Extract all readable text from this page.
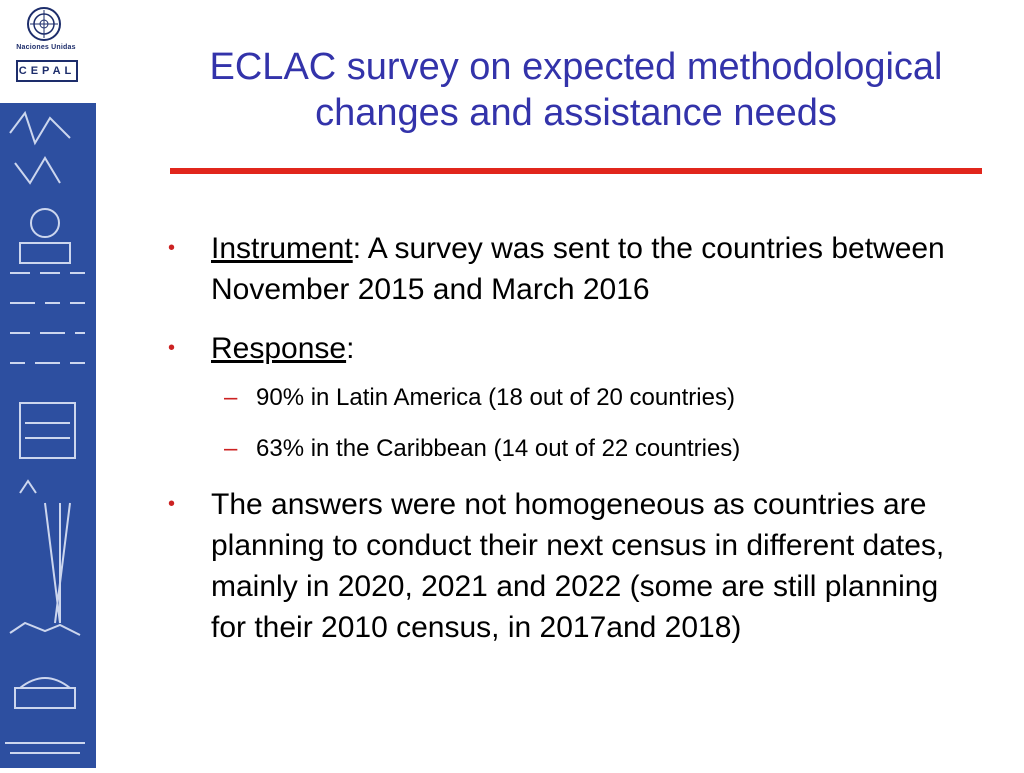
Naciones Unidas
CEPAL	ECLAC survey on expected methodological changes and assistance needs
• Instrument: A survey was sent to the countries between November 2015 and March 2016
• Response:
– 90% in Latin America (18 out of 20 countries)
– 63% in the Caribbean (14 out of 22 countries)
• The answers were not homogeneous as countries are planning to conduct their next census in different dates, mainly in 2020, 2021 and 2022 (some are still planning for their 2010 census, in 2017and 2018)
